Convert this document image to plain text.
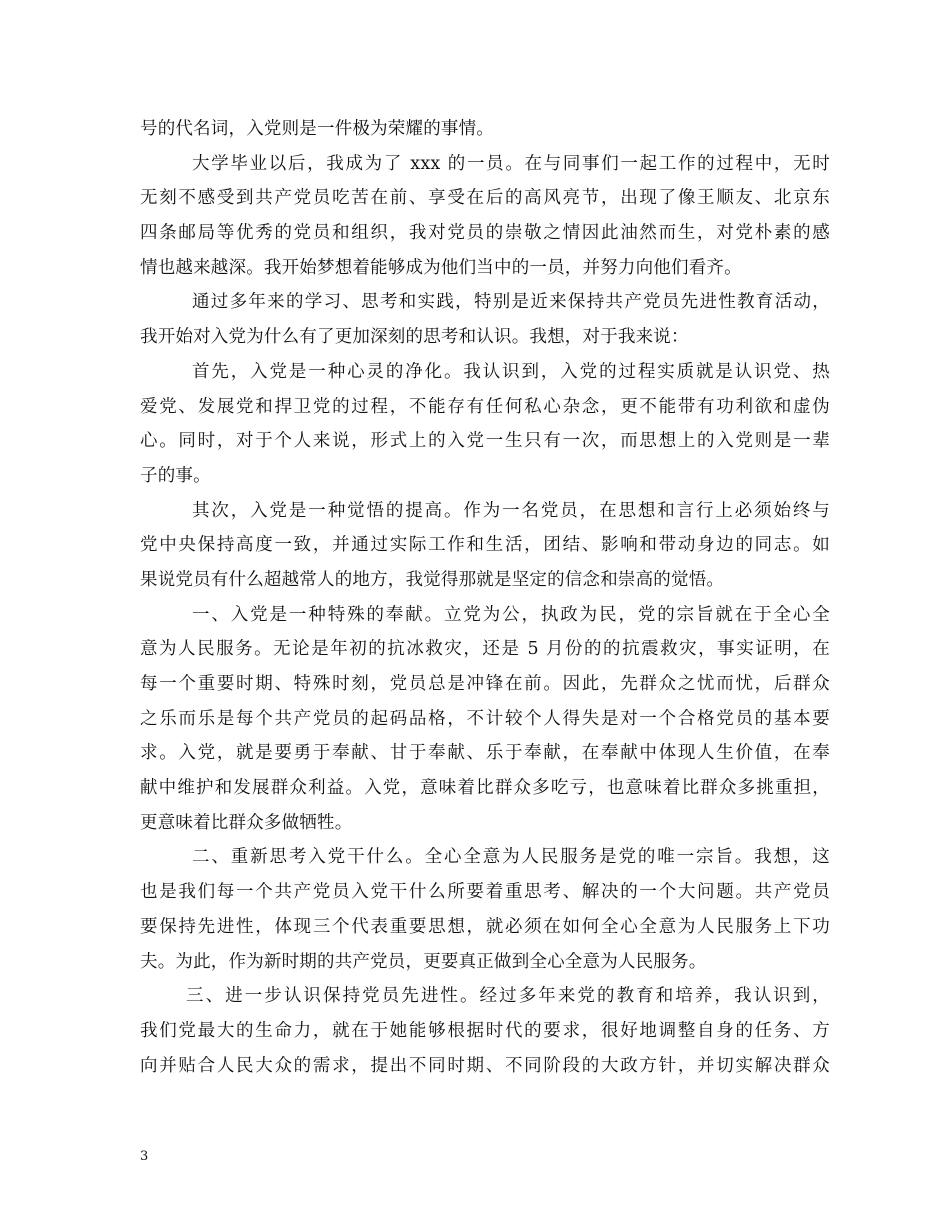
号的代名词，入党则是一件极为荣耀的事情。
大学毕业以后，我成为了 xxx 的一员。在与同事们一起工作的过程中，无时
无刻不感受到共产党员吃苦在前、享受在后的高风亮节，出现了像王顺友、北京东
四条邮局等优秀的党员和组织，我对党员的崇敬之情因此油然而生，对党朴素的感
情也越来越深。我开始梦想着能够成为他们当中的一员，并努力向他们看齐。
通过多年来的学习、思考和实践，特别是近来保持共产党员先进性教育活动，
我开始对入党为什么有了更加深刻的思考和认识。我想，对于我来说：
首先，入党是一种心灵的净化。我认识到，入党的过程实质就是认识党、热
爱党、发展党和捍卫党的过程，不能存有任何私心杂念，更不能带有功利欲和虚伪
心。同时，对于个人来说，形式上的入党一生只有一次，而思想上的入党则是一辈
子的事。
其次，入党是一种觉悟的提高。作为一名党员，在思想和言行上必须始终与
党中央保持高度一致，并通过实际工作和生活，团结、影响和带动身边的同志。如
果说党员有什么超越常人的地方，我觉得那就是坚定的信念和崇高的觉悟。
一、入党是一种特殊的奉献。立党为公，执政为民，党的宗旨就在于全心全
意为人民服务。无论是年初的抗冰救灾，还是 5 月份的的抗震救灾，事实证明，在
每一个重要时期、特殊时刻，党员总是冲锋在前。因此，先群众之忧而忧，后群众
之乐而乐是每个共产党员的起码品格，不计较个人得失是对一个合格党员的基本要
求。入党，就是要勇于奉献、甘于奉献、乐于奉献，在奉献中体现人生价值，在奉
献中维护和发展群众利益。入党，意味着比群众多吃亏，也意味着比群众多挑重担，
更意味着比群众多做牺牲。
二、重新思考入党干什么。全心全意为人民服务是党的唯一宗旨。我想，这
也是我们每一个共产党员入党干什么所要着重思考、解决的一个大问题。共产党员
要保持先进性，体现三个代表重要思想，就必须在如何全心全意为人民服务上下功
夫。为此，作为新时期的共产党员，更要真正做到全心全意为人民服务。
三、进一步认识保持党员先进性。经过多年来党的教育和培养，我认识到，
我们党最大的生命力，就在于她能够根据时代的要求，很好地调整自身的任务、方
向并贴合人民大众的需求，提出不同时期、不同阶段的大政方针，并切实解决群众
3
